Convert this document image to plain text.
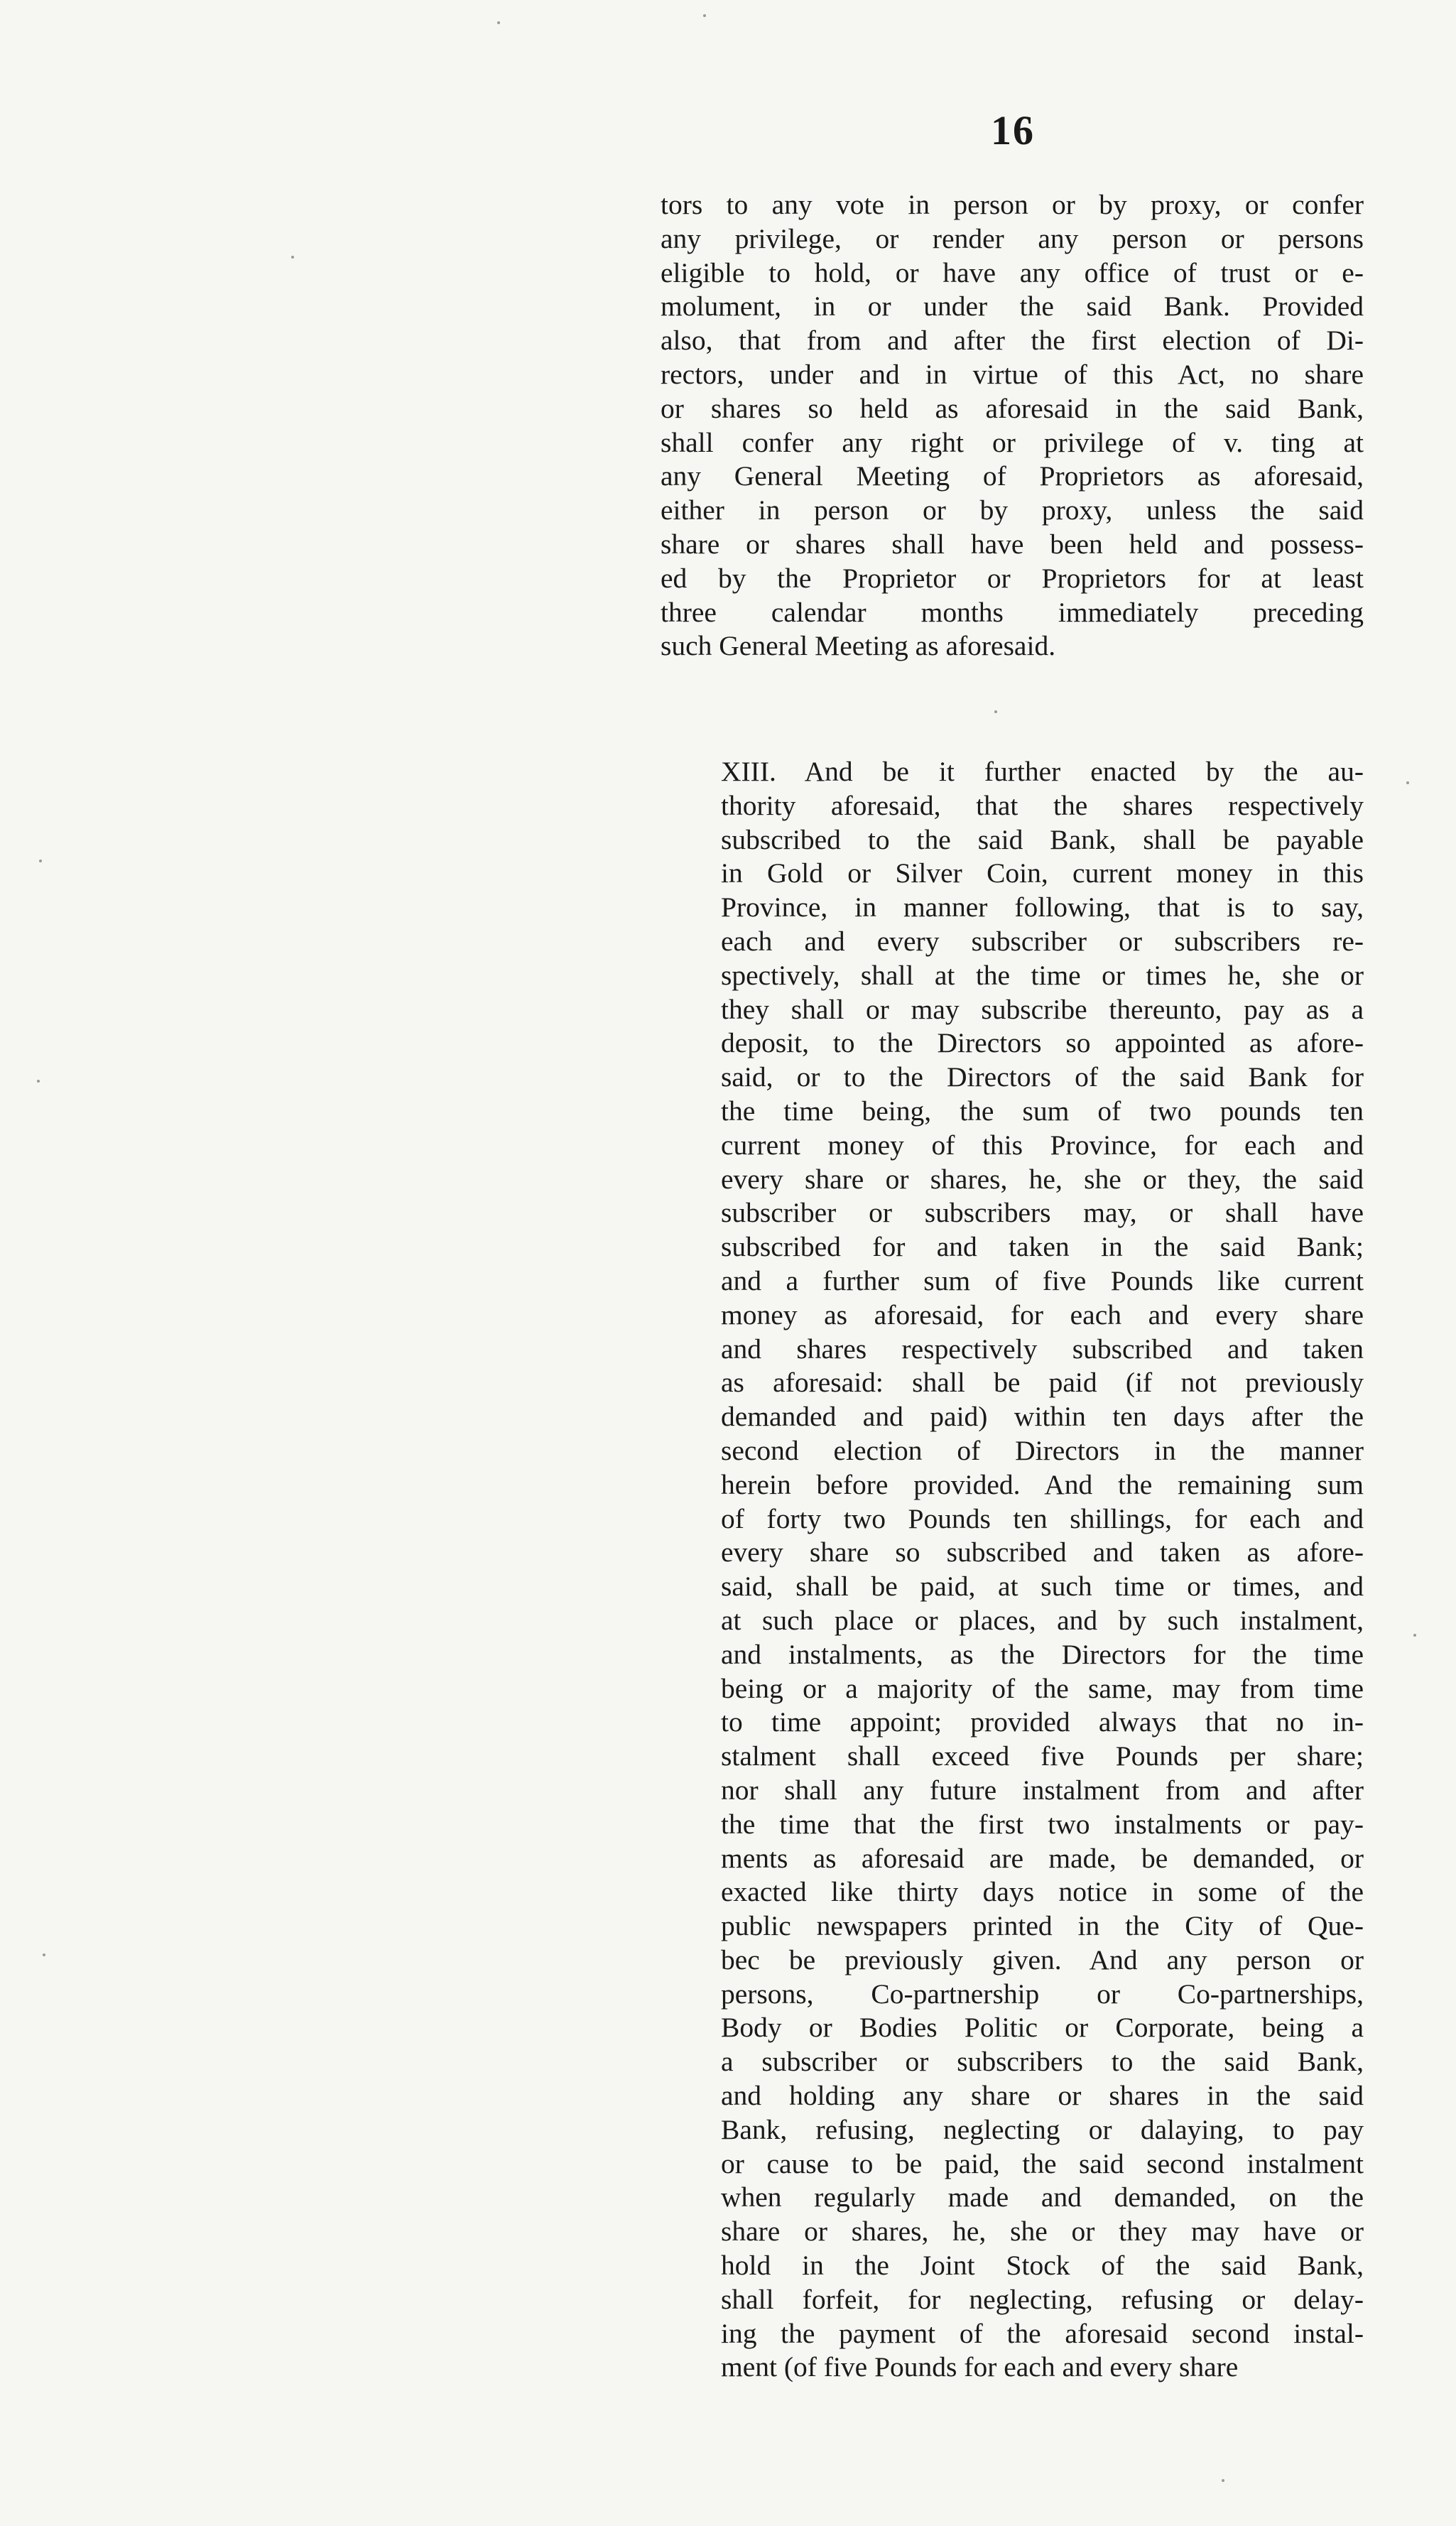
16

tors to any vote in person or by proxy, or confer
any privilege, or render any person or persons
eligible to hold, or have any office of trust or e-
molument, in or under the said Bank. Provided
also, that from and after the first election of Di-
rectors, under and in virtue of this Act, no share
or shares so held as aforesaid in the said Bank,
shall confer any right or privilege of v. ting at
any General Meeting of Proprietors as aforesaid,
either in person or by proxy, unless the said
share or shares shall have been held and possess-
ed by the Proprietor or Proprietors for at least
three calendar months immediately preceding
such General Meeting as aforesaid.

XIII. And be it further enacted by the au-
thority aforesaid, that the shares respectively
subscribed to the said Bank, shall be payable
in Gold or Silver Coin, current money in this
Province, in manner following, that is to say,
each and every subscriber or subscribers re-
spectively, shall at the time or times he, she or
they shall or may subscribe thereunto, pay as a
deposit, to the Directors so appointed as afore-
said, or to the Directors of the said Bank for
the time being, the sum of two pounds ten
current money of this Province, for each and
every share or shares, he, she or they, the said
subscriber or subscribers may, or shall have
subscribed for and taken in the said Bank;
and a further sum of five Pounds like current
money as aforesaid, for each and every share
and shares respectively subscribed and taken
as aforesaid: shall be paid (if not previously
demanded and paid) within ten days after the
second election of Directors in the manner
herein before provided. And the remaining sum
of forty two Pounds ten shillings, for each and
every share so subscribed and taken as afore-
said, shall be paid, at such time or times, and
at such place or places, and by such instalment,
and instalments, as the Directors for the time
being or a majority of the same, may from time
to time appoint; provided always that no in-
stalment shall exceed five Pounds per share;
nor shall any future instalment from and after
the time that the first two instalments or pay-
ments as aforesaid are made, be demanded, or
exacted like thirty days notice in some of the
public newspapers printed in the City of Que-
bec be previously given. And any person or
persons, Co-partnership or Co-partnerships,
Body or Bodies Politic or Corporate, being a
a subscriber or subscribers to the said Bank,
and holding any share or shares in the said
Bank, refusing, neglecting or dalaying, to pay
or cause to be paid, the said second instalment
when regularly made and demanded, on the
share or shares, he, she or they may have or
hold in the Joint Stock of the said Bank,
shall forfeit, for neglecting, refusing or delay-
ing the payment of the aforesaid second instal-
ment (of five Pounds for each and every share
